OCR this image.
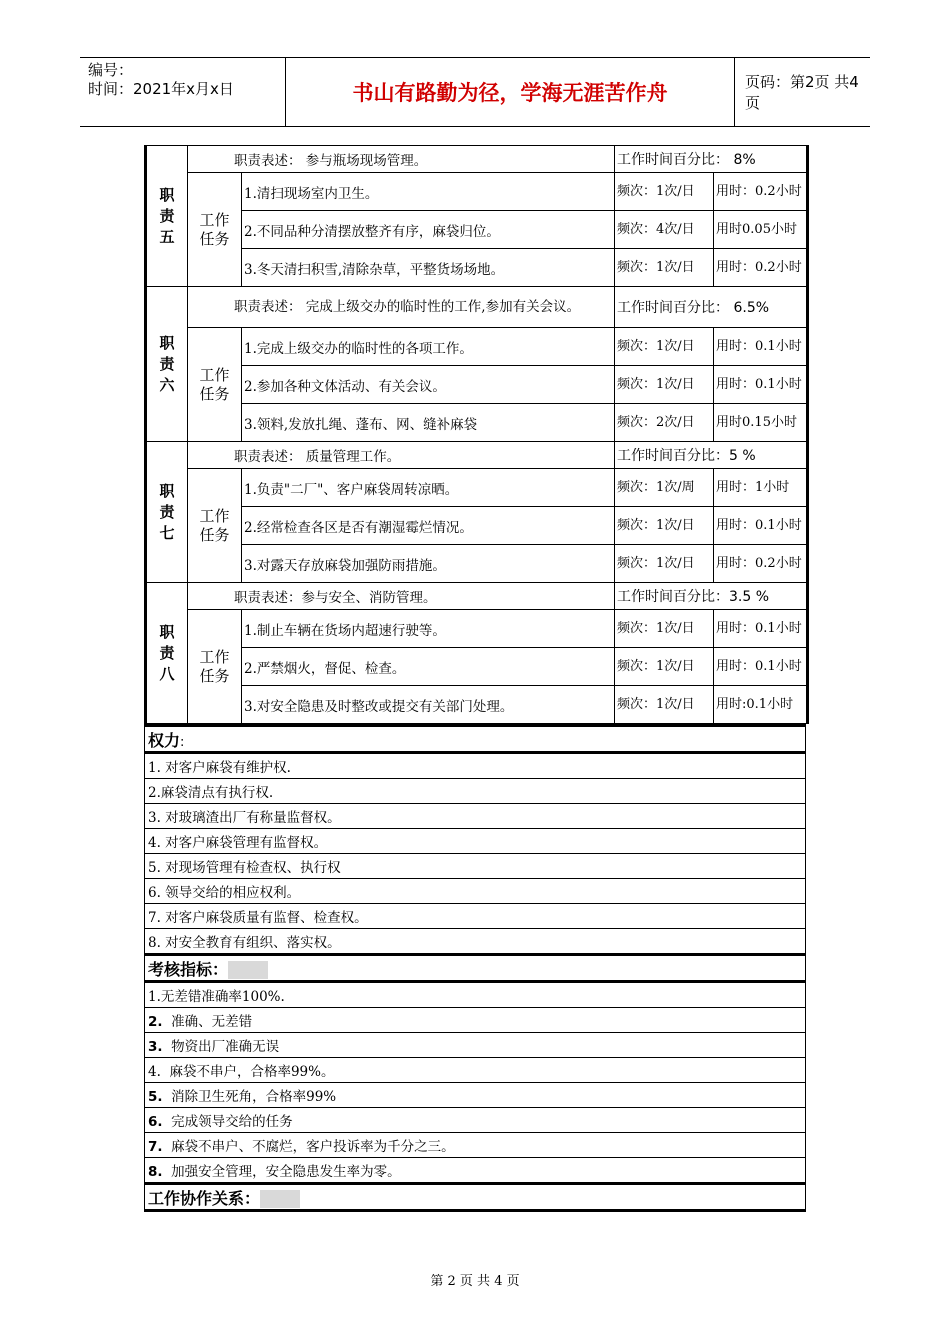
编号：
时间：2021年x月x日	书山有路勤为径，学海无涯苦作舟	页码：第2页 共4页
职责五	职责表述： 参与瓶场现场管理。		工作时间百分比： 8%	
	工作任务	1.清扫现场室内卫生。	频次：1次/日	用时：0.2小时
		2.不同品种分清摆放整齐有序，麻袋归位。	频次：4次/日	用时0.05小时
		3.冬天清扫积雪,清除杂草，平整货场场地。	频次：1次/日	用时：0.2小时
职责六	职责表述： 完成上级交办的临时性的工作,参加有关会议。		工作时间百分比： 6.5%	
	工作任务	1.完成上级交办的临时性的各项工作。	频次：1次/日	用时：0.1小时
		2.参加各种文体活动、有关会议。	频次：1次/日	用时：0.1小时
		3.领料,发放扎绳、蓬布、网、缝补麻袋	频次：2次/日	用时0.15小时
职责七	职责表述： 质量管理工作。		工作时间百分比：5 %	
	工作任务	1.负责"二厂"、客户麻袋周转凉晒。	频次：1次/周	用时：1小时
		2.经常检查各区是否有潮湿霉烂情况。	频次：1次/日	用时：0.1小时
		3.对露天存放麻袋加强防雨措施。	频次：1次/日	用时：0.2小时
职责八	职责表述：参与安全、消防管理。		工作时间百分比：3.5 %	
	工作任务	1.制止车辆在货场内超速行驶等。	频次：1次/日	用时：0.1小时
		2.严禁烟火，督促、检查。	频次：1次/日	用时：0.1小时
		3.对安全隐患及时整改或提交有关部门处理。	频次：1次/日	用时:0.1小时
权力:
1. 对客户麻袋有维护权.
2.麻袋清点有执行权.
3. 对玻璃渣出厂有称量监督权。
4. 对客户麻袋管理有监督权。
5. 对现场管理有检查权、执行权
6. 领导交给的相应权利。
7. 对客户麻袋质量有监督、检查权。
8. 对安全教育有组织、落实权。
考核指标：
1.无差错准确率100%.
2.  准确、无差错
3.  物资出厂准确无误
4.  麻袋不串户，合格率99%。
5.  消除卫生死角，合格率99%
6.  完成领导交给的任务
7.  麻袋不串户、不腐烂，客户投诉率为千分之三。
8.  加强安全管理，安全隐患发生率为零。
工作协作关系：
第 2 页 共 4 页
